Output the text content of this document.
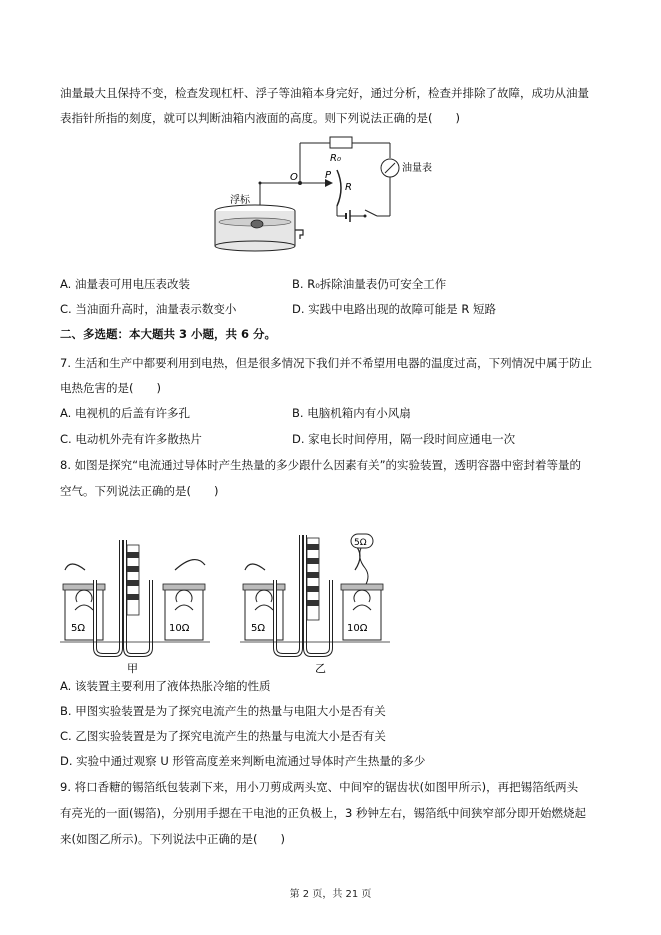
油量最大且保持不变，检查发现杠杆、浮子等油箱本身完好，通过分析，检查并排除了故障，成功从油量
表指针所指的刻度，就可以判断油箱内液面的高度。则下列说法正确的是(　　)
R₀
油量表
O	P
R
浮标
A. 油量表可用电压表改装	B. R₀拆除油量表仍可安全工作
C. 当油面升高时，油量表示数变小	D. 实践中电路出现的故障可能是 R 短路
二、多选题：本大题共 3 小题，共 6 分。
7. 生活和生产中都要利用到电热，但是很多情况下我们并不希望用电器的温度过高，下列情况中属于防止
电热危害的是(　　)
A. 电视机的后盖有许多孔	B. 电脑机箱内有小风扇
C. 电动机外壳有许多散热片	D. 家电长时间停用，隔一段时间应通电一次
8. 如图是探究“电流通过导体时产生热量的多少跟什么因素有关”的实验装置，透明容器中密封着等量的
空气。下列说法正确的是(　　)
5Ω	10Ω
甲
5Ω	10Ω
5Ω
乙
A. 该装置主要利用了液体热胀冷缩的性质
B. 甲图实验装置是为了探究电流产生的热量与电阻大小是否有关
C. 乙图实验装置是为了探究电流产生的热量与电流大小是否有关
D. 实验中通过观察 U 形管高度差来判断电流通过导体时产生热量的多少
9. 将口香糖的锡箔纸包装剥下来，用小刀剪成两头宽、中间窄的锯齿状(如图甲所示)，再把锡箔纸两头
有亮光的一面(锡箔)，分别用手摁在干电池的正负极上，3 秒钟左右，锡箔纸中间狭窄部分即开始燃烧起
来(如图乙所示)。下列说法中正确的是(　　)
第 2 页，共 21 页
